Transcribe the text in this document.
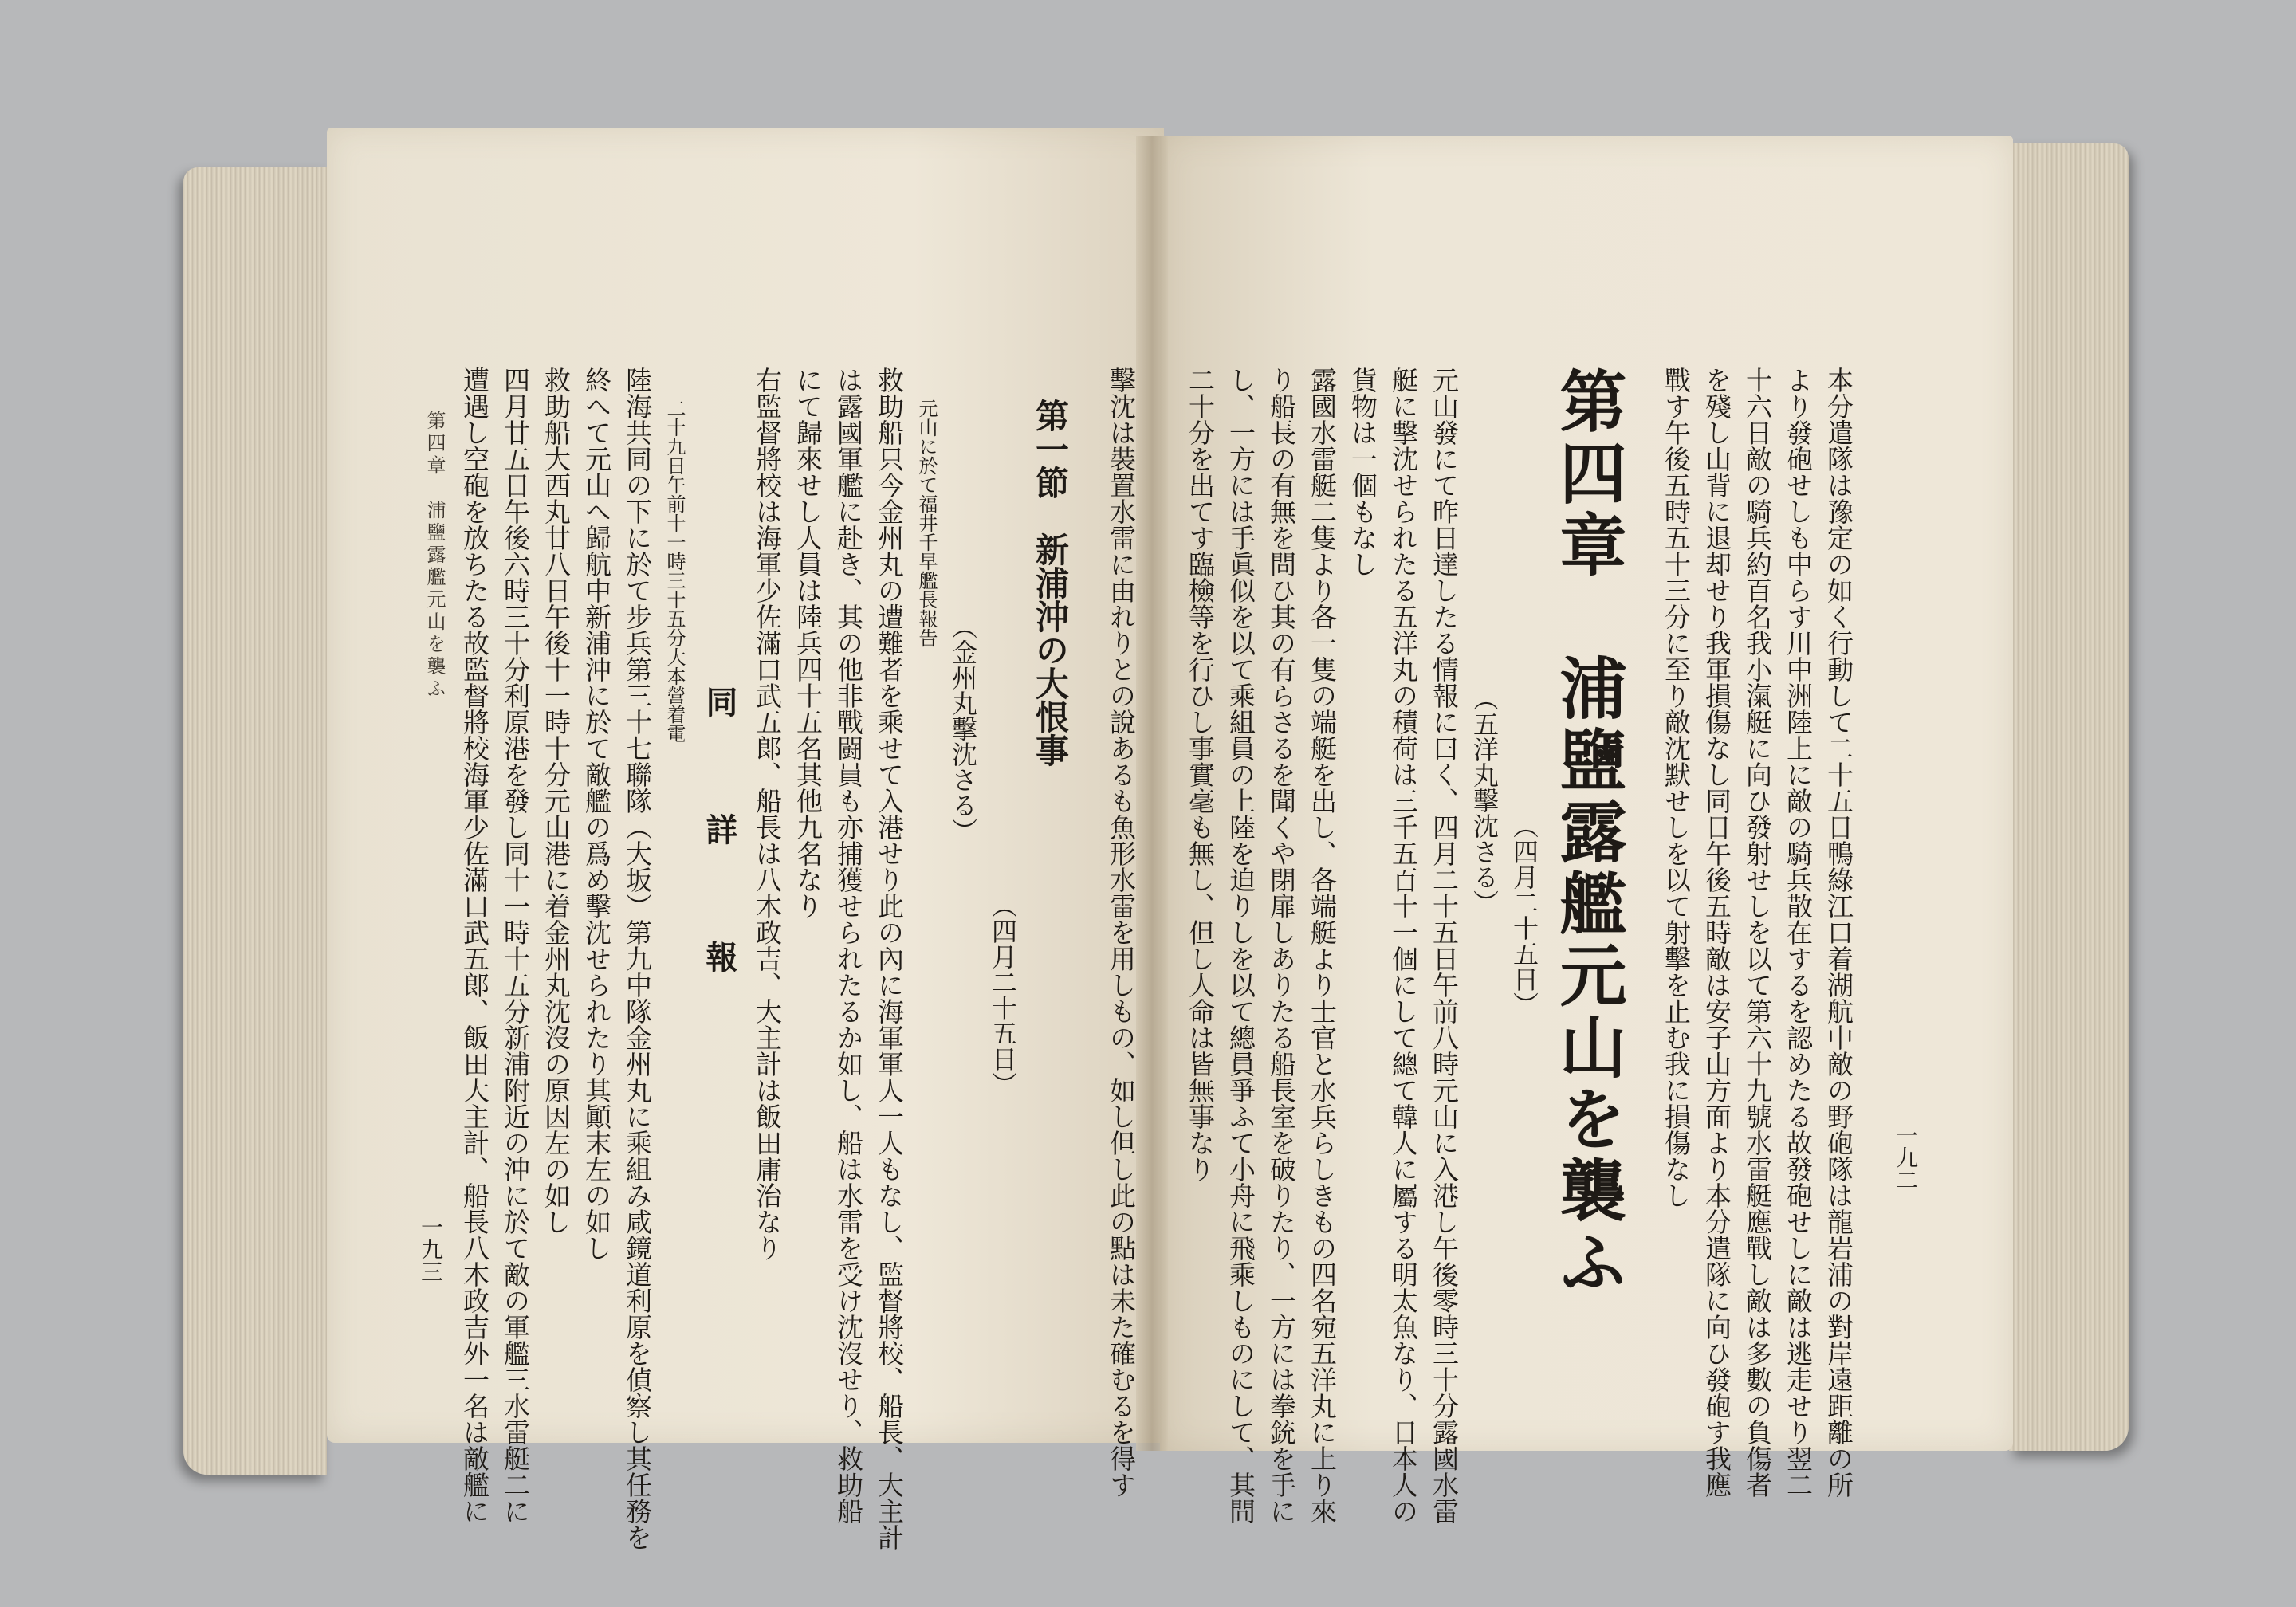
一九二
本分遣隊は豫定の如く行動して二十五日鴨綠江口着湖航中敵の野砲隊は龍岩浦の對岸遠距離の所
より發砲せしも中らす川中洲陸上に敵の騎兵散在するを認めたる故發砲せしに敵は逃走せり翌二
十六日敵の騎兵約百名我小滊艇に向ひ發射せしを以て第六十九號水雷艇應戰し敵は多數の負傷者
を殘し山背に退却せり我軍損傷なし同日午後五時敵は安子山方面より本分遣隊に向ひ發砲す我應
戰す午後五時五十三分に至り敵沈默せしを以て射擊を止む我に損傷なし
第四章　浦鹽露艦元山を襲ふ
（四月二十五日）
（五洋丸擊沈さる）
元山發にて昨日達したる情報に曰く、四月二十五日午前八時元山に入港し午後零時三十分露國水雷
艇に擊沈せられたる五洋丸の積荷は三千五百十一個にして總て韓人に屬する明太魚なり、日本人の
貨物は一個もなし
露國水雷艇二隻より各一隻の端艇を出し、各端艇より士官と水兵らしきもの四名宛五洋丸に上り來
り船長の有無を問ひ其の有らさるを聞くや閉扉しありたる船長室を破りたり、一方には拳銃を手に
し、一方には手眞似を以て乘組員の上陸を迫りしを以て總員爭ふて小舟に飛乘しものにして、其間
二十分を出てす臨檢等を行ひし事實毫も無し、但し人命は皆無事なり
一九三
第四章　浦鹽露艦元山を襲ふ	擊沈は裝置水雷に由れりとの說あるも魚形水雷を用しもの、如し但し此の點は未た確むるを得す
第一節　新浦沖の大恨事
（四月二十五日）
（金州丸擊沈さる）
元山に於て福井千早艦長報告
救助船只今金州丸の遭難者を乘せて入港せり此の內に海軍軍人一人もなし、監督將校、船長、大主計
は露國軍艦に赴き、其の他非戰闘員も亦捕獲せられたるか如し、船は水雷を受け沈沒せり、救助船
にて歸來せし人員は陸兵四十五名其他九名なり
右監督將校は海軍少佐滿口武五郞、船長は八木政吉、大主計は飯田庸治なり
同　詳　報
二十九日午前十一時三十五分大本營着電
陸海共同の下に於て步兵第三十七聯隊（大坂）第九中隊金州丸に乘組み咸鏡道利原を偵察し其任務を
終へて元山へ歸航中新浦沖に於て敵艦の爲め擊沈せられたり其顚末左の如し
救助船大西丸廿八日午後十一時十分元山港に着金州丸沈沒の原因左の如し
四月廿五日午後六時三十分利原港を發し同十一時十五分新浦附近の沖に於て敵の軍艦三水雷艇二に
遭遇し空砲を放ちたる故監督將校海軍少佐滿口武五郞、飯田大主計、船長八木政吉外一名は敵艦に
